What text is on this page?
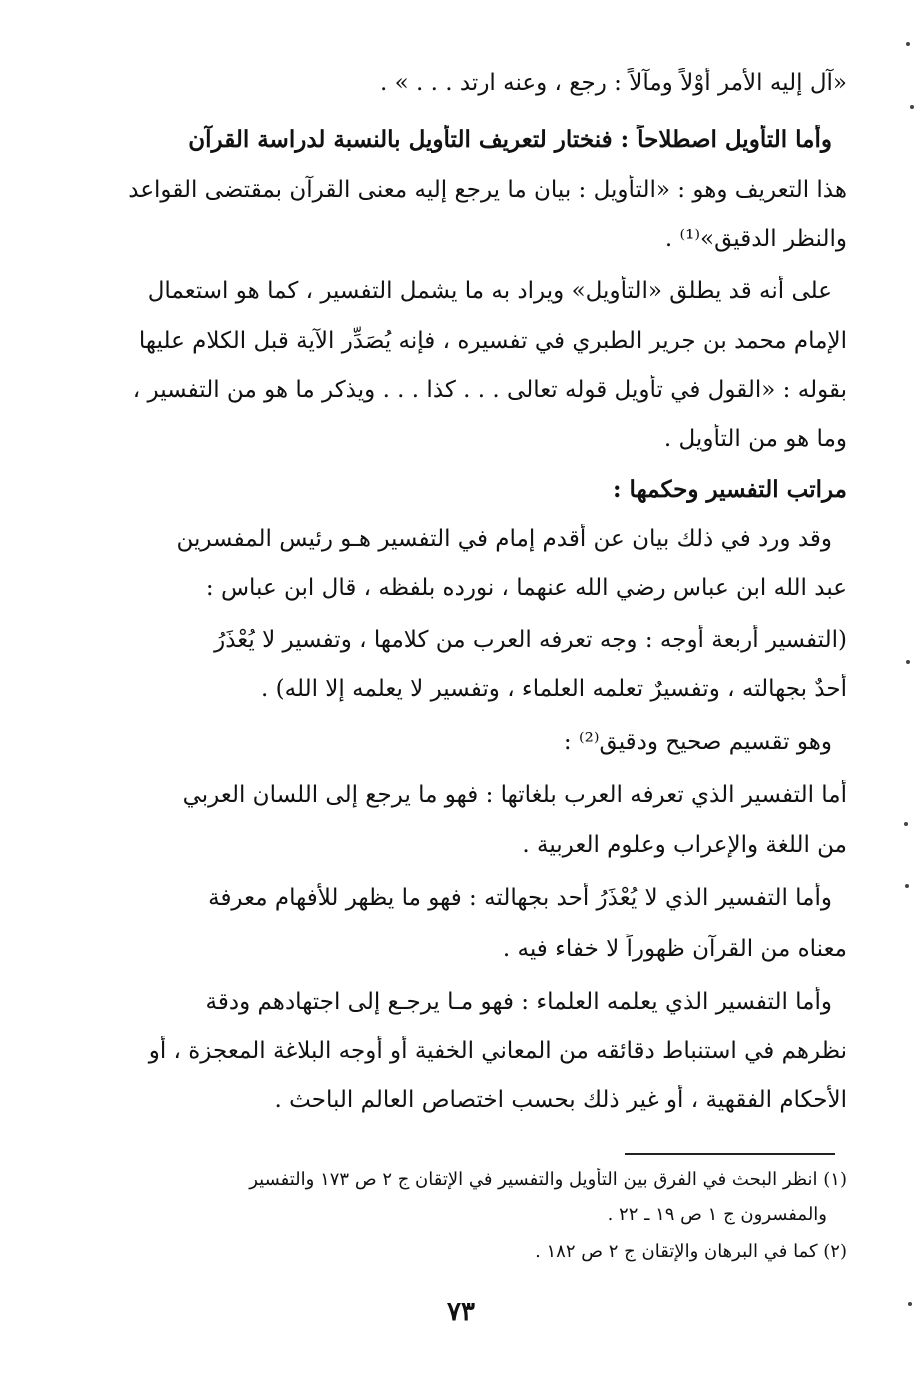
«آل إليه الأمر أوْلاً ومآلاً : رجع ، وعنه ارتد . . . » .
وأما التأويل اصطلاحاً : فنختار لتعريف التأويل بالنسبة لدراسة القرآن
هذا التعريف وهو : «التأويل : بيان ما يرجع إليه معنى القرآن بمقتضى القواعد
والنظر الدقيق»⁽¹⁾ .
على أنه قد يطلق «التأويل» ويراد به ما يشمل التفسير ، كما هو استعمال
الإمام محمد بن جرير الطبري في تفسيره ، فإنه يُصَدِّر الآية قبل الكلام عليها
بقوله : «القول في تأويل قوله تعالى . . . كذا . . . ويذكر ما هو من التفسير ،
وما هو من التأويل .
مراتب التفسير وحكمها :
وقد ورد في ذلك بيان عن أقدم إمام في التفسير هـو رئيس المفسرين
عبد الله ابن عباس رضي الله عنهما ، نورده بلفظه ، قال ابن عباس :
(التفسير أربعة أوجه : وجه تعرفه العرب من كلامها ، وتفسير لا يُعْذَرُ
أحدٌ بجهالته ، وتفسيرٌ تعلمه العلماء ، وتفسير لا يعلمه إلا الله) .
وهو تقسيم صحيح ودقيق⁽²⁾ :
أما التفسير الذي تعرفه العرب بلغاتها : فهو ما يرجع إلى اللسان العربي
من اللغة والإعراب وعلوم العربية .
وأما التفسير الذي لا يُعْذَرُ أحد بجهالته : فهو ما يظهر للأفهام معرفة
معناه من القرآن ظهوراً لا خفاء فيه .
وأما التفسير الذي يعلمه العلماء : فهو مـا يرجـع إلى اجتهادهم ودقة
نظرهم في استنباط دقائقه من المعاني الخفية أو أوجه البلاغة المعجزة ، أو
الأحكام الفقهية ، أو غير ذلك بحسب اختصاص العالم الباحث .
(١) انظر البحث في الفرق بين التأويل والتفسير في الإتقان ج ٢ ص ١٧٣ والتفسير
والمفسرون ج ١ ص ١٩ ـ ٢٢ .
(٢) كما في البرهان والإتقان ج ٢ ص ١٨٢ .
٧٣
